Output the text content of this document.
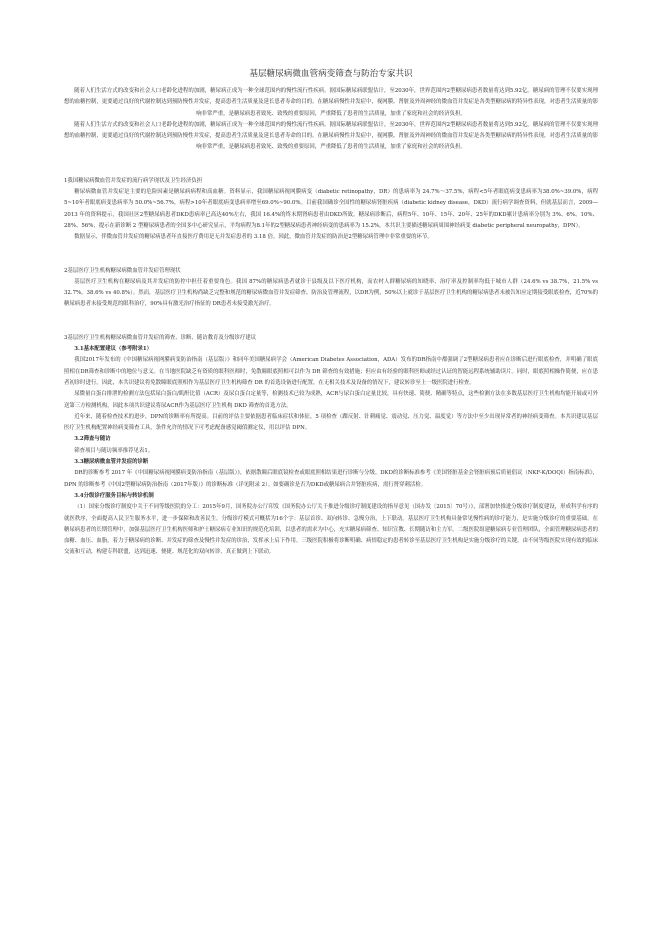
基层糖尿病微血管病变筛查与防治专家共识

随着人们生活方式的改变和社会人口老龄化进程的加剧，糖尿病正成为一种全球范围内的慢性流行性疾病。据国际糖尿病联盟估计，至2030年，世界范围内2型糖尿病患者数量将达到5.92亿。糖尿病的管理不仅要实现理想的血糖控制，更要通过良好的代谢控制达到预防慢性并发症，提高患者生活质量及延长患者寿命的目的。在糖尿病慢性并发症中，视网膜、肾脏及外周神经的微血管并发症是各类型糖尿病的特异性表现，对患者生活质量的影响非常严重，是糖尿病患者致死、致残的重要原因，严重降低了患者的生活质量，加重了家庭和社会的经济负担。

随着人们生活方式的改变和社会人口老龄化进程的加剧，糖尿病正成为一种全球范围内的慢性流行性疾病。据国际糖尿病联盟估计，至2030年，世界范围内2型糖尿病患者数量将达到5.92亿。糖尿病的管理不仅要实现理想的血糖控制，更要通过良好的代谢控制达到预防慢性并发症，提高患者生活质量及延长患者寿命的目的。在糖尿病慢性并发症中，视网膜、肾脏及外周神经的微血管并发症是各类型糖尿病的特异性表现，对患者生活质量的影响非常严重，是糖尿病患者致死、致残的重要原因，严重降低了患者的生活质量，加重了家庭和社会的经济负担。

1我国糖尿病微血管并发症的流行病学现状及卫生经济负担

糖尿病微血管并发症是主要的危险因素是糖尿病病程和高血糖。资料显示，我国糖尿病视网膜病变（diabetic retinopathy，DR）的患病率为 24.7%～37.5%，病程<5年者眼底病变患病率为38.0%~39.0%，病程5~10年者眼底病变患病率为 50.0%~56.7%，病程>10年者眼底病变患病率增至69.0%~90.0%。目前我国确诊全国性的糖尿病肾脏疾病（diabetic kidney disease，DKD）流行病学调查资料，但就基层而言，2009—2013 年的资料提示，我国社区2型糖尿病患者DKD患病率已高达40%左右，我国 16.4%的终末期肾病患者由DKD所致。糖尿病诊断后，病程5年、10年、15年、20年、25年的DKD累计患病率分别为 3%、6%、10%、28%、56%，提示在新诊断 2 型糖尿病患者的全国多中心研究显示，平均病程为8.1年的2型糖尿病患者神经病变的患病率为 15.2%。本共识主要描述糖尿病周围神经病变 diabetic peripheral neuropathy，DPN）。

数据显示，伴微血管并发症的糖尿病患者年直接医疗费用是无并发症患者的 3.18 倍。因此，微血管并发症的防治是2型糖尿病管理中非常重要的环节。

2基层医疗卫生机构糖尿病微血管并发症管理现状

基层医疗卫生机构在糖尿病及其并发症的防控中担任着重要角色。我国 87%的糖尿病患者就诊于县级及以下医疗机构，而农村人群糖尿病的知晓率、治疗率及控制率均低于城市人群（24.6% vs 38.7%，21.5% vs 32.7%，38.6% vs 40.8%）。然而，基层医疗卫生机构尚缺乏完整和规范的糖尿病微血管并发症筛查、防治及管理流程，以DR为例，50%以上就诊于基层医疗卫生机构的糖尿病患者未被告知应定期接受眼底检查，近70%的糖尿病患者未接受规范的眼科治疗，90%具有激光治疗指征的 DR患者未接受激光治疗。

3基层医疗卫生机构糖尿病微血管并发症的筛查、诊断、随访教育及分级诊疗建议

3.1基本配置建议（参考附录1）

我国2017年发布的《中国糖尿病视网膜病变防治指南（基层版）》和同年美国糖尿病学会（American Diabetes Association，ADA）发布的DR指南中都强调了2型糖尿病患者应在诊断后进行眼底检查，并明确了眼底照相在DR筛查和诊断中的地位与意义。在当地医院缺乏有资质的眼科医师时，免散瞳眼底照相可以作为 DR 筛查的有效措施；但应由有经验的眼科医师或经过认证的智能远程系统辅助读片。同时，眼底照相操作简便，应在患者初诊时进行。因此，本共识建议将免散瞳眼底照相作为基层医疗卫生机构筛查 DR 的首选设备进行配置，在无相关技术及设备的情况下，建议转诊至上一级医院进行检查。

尿微量白蛋白排泄的检测方法包括尿白蛋白/肌酐比值（ACR）及尿白蛋白定量等，检测技术已较为成熟，ACR与尿白蛋白定量比较，具有快速、简便、精确等特点，这些检测方法在多数基层医疗卫生机构均能开展或可外送第三方检测机构，因此本项共识建议将尿ACR作为基层医疗卫生机构 DKD 筛查的首选方法。

近年来，随着检查技术的进步，DPN的诊断率有所提高。目前的评估主要依据患者临床症状和体征，5 项检查（踝反射、针刺痛觉、震动觉、压力觉、温度觉）等方法中至少出现异常者的神经病变筛查。本共识建议基层医疗卫生机构配置神经病变筛查工具，条件允许的情况下可考虑配备感觉阈值测定仪，用以评估 DPN。

3.2筛查与随访

筛查项目与随访频率推荐见表1。

3.3糖尿病微血管并发症的诊断

DR的诊断参考 2017 年《中国糖尿病视网膜病变防治指南（基层版）》，依据散瞳后眼底镜检查或眼底照相结果进行诊断与分级。DKD的诊断标准参考《美国肾脏基金会肾脏病预后质量倡议（NKF-K/DOQI）指南标准》，DPN 的诊断参考《中国2型糖尿病防治指南（2017年版）》的诊断标准（详见附录 2）。如要确诊是否为DKD或糖尿病合并肾脏疾病，需行肾穿刺活检。

3.4分级诊疗服务目标与转诊机制

（1）国家分级诊疗制度中关于不同等级医院的分工：2015年9月，国务院办公厅印发《国务院办公厅关于推进分级诊疗制度建设的指导意见（国办发〔2015〕70号）》，部署加快推进分级诊疗制度建设，形成科学有序的就医秩序，全面提高人民卫生服务水平，进一步保障和改善民生。分级诊疗模式可概括为16个字：基层首诊、双向转诊、急慢分治，上下联动。基层医疗卫生机构具备常见慢性病的诊疗能力，是实施分级诊疗的重要基础。在糖尿病患者的长期管理中，加强基层医疗卫生机构医师和护士糖尿病专业知识的规范化培训，以患者的需求为中心，充实糖尿病筛查、知识宣教、长期随访和主力军。二级医院组建糖尿病专业管理团队，全面管理糖尿病患者的血糖、血压、血脂，着力于糖尿病的诊断、并发症的筛查及慢性并发症的诊治，发挥承上启下作用。三级医院积极将诊断明确、病情稳定的患者转诊至基层医疗卫生机构是实施分级诊疗的关键，由不同等级医院实现有效的临床交流和互动，构建专科联盟，达到迅速、便捷、规范化的双向转诊，真正做到上下联动。
